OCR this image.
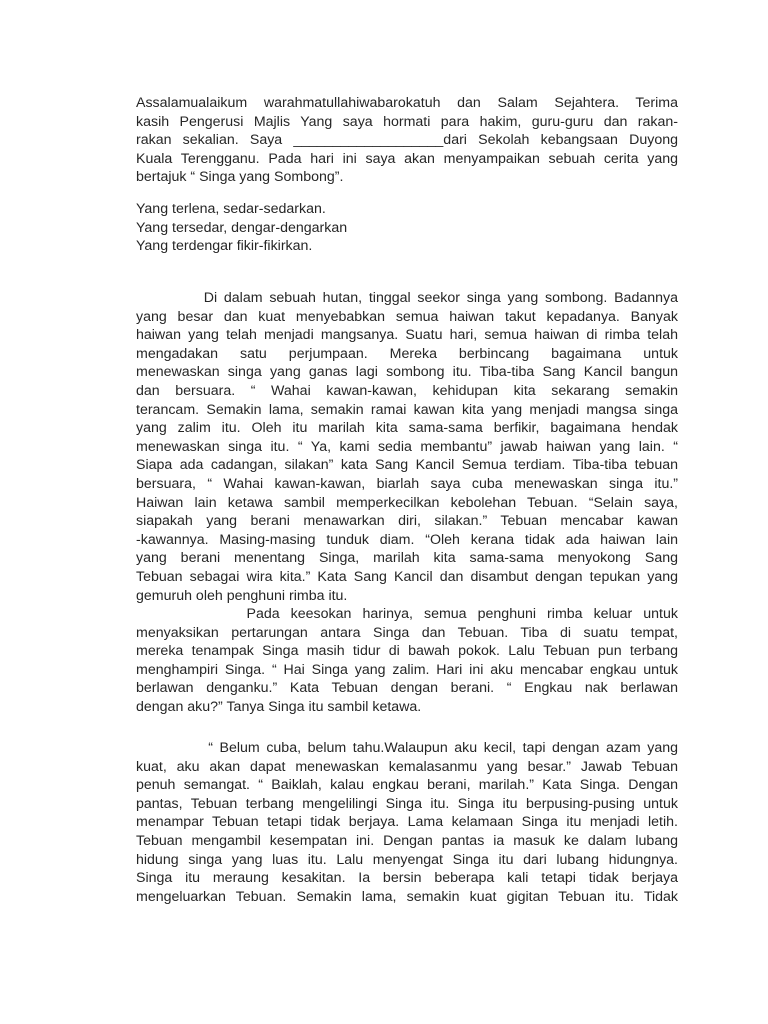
Assalamualaikum warahmatullahiwabarokatuh dan Salam Sejahtera. Terima
kasih Pengerusi Majlis Yang saya hormati para hakim, guru-guru dan rakan-
rakan sekalian. Saya ___________________dari Sekolah kebangsaan Duyong
Kuala Terengganu. Pada hari ini saya akan menyampaikan sebuah cerita yang
bertajuk “ Singa yang Sombong”.
Yang terlena, sedar-sedarkan.
Yang tersedar, dengar-dengarkan
Yang terdengar fikir-fikirkan.
Di dalam sebuah hutan, tinggal seekor singa yang sombong. Badannya
yang besar dan kuat menyebabkan semua haiwan takut kepadanya. Banyak
haiwan yang telah menjadi mangsanya. Suatu hari, semua haiwan di rimba telah
mengadakan satu perjumpaan. Mereka berbincang bagaimana untuk
menewaskan singa yang ganas lagi sombong itu. Tiba-tiba Sang Kancil bangun
dan bersuara. “ Wahai kawan-kawan, kehidupan kita sekarang semakin
terancam. Semakin lama, semakin ramai kawan kita yang menjadi mangsa singa
yang zalim itu. Oleh itu marilah kita sama-sama berfikir, bagaimana hendak
menewaskan singa itu. “ Ya, kami sedia membantu” jawab haiwan yang lain. “
Siapa ada cadangan, silakan” kata Sang Kancil Semua terdiam. Tiba-tiba tebuan
bersuara, “ Wahai kawan-kawan, biarlah saya cuba menewaskan singa itu.”
Haiwan lain ketawa sambil memperkecilkan kebolehan Tebuan. “Selain saya,
siapakah yang berani menawarkan diri, silakan.” Tebuan mencabar kawan
-kawannya. Masing-masing tunduk diam. “Oleh kerana tidak ada haiwan lain
yang berani menentang Singa, marilah kita sama-sama menyokong Sang
Tebuan sebagai wira kita.” Kata Sang Kancil dan disambut dengan tepukan yang
gemuruh oleh penghuni rimba itu.
Pada keesokan harinya, semua penghuni rimba keluar untuk
menyaksikan pertarungan antara Singa dan Tebuan. Tiba di suatu tempat,
mereka tenampak Singa masih tidur di bawah pokok. Lalu Tebuan pun terbang
menghampiri Singa. “ Hai Singa yang zalim. Hari ini aku mencabar engkau untuk
berlawan denganku.” Kata Tebuan dengan berani. “ Engkau nak berlawan
dengan aku?” Tanya Singa itu sambil ketawa.
“ Belum cuba, belum tahu.Walaupun aku kecil, tapi dengan azam yang
kuat, aku akan dapat menewaskan kemalasanmu yang besar.” Jawab Tebuan
penuh semangat. “ Baiklah, kalau engkau berani, marilah.” Kata Singa. Dengan
pantas, Tebuan terbang mengelilingi Singa itu. Singa itu berpusing-pusing untuk
menampar Tebuan tetapi tidak berjaya. Lama kelamaan Singa itu menjadi letih.
Tebuan mengambil kesempatan ini. Dengan pantas ia masuk ke dalam lubang
hidung singa yang luas itu. Lalu menyengat Singa itu dari lubang hidungnya.
Singa itu meraung kesakitan. Ia bersin beberapa kali tetapi tidak berjaya
mengeluarkan Tebuan. Semakin lama, semakin kuat gigitan Tebuan itu. Tidak
